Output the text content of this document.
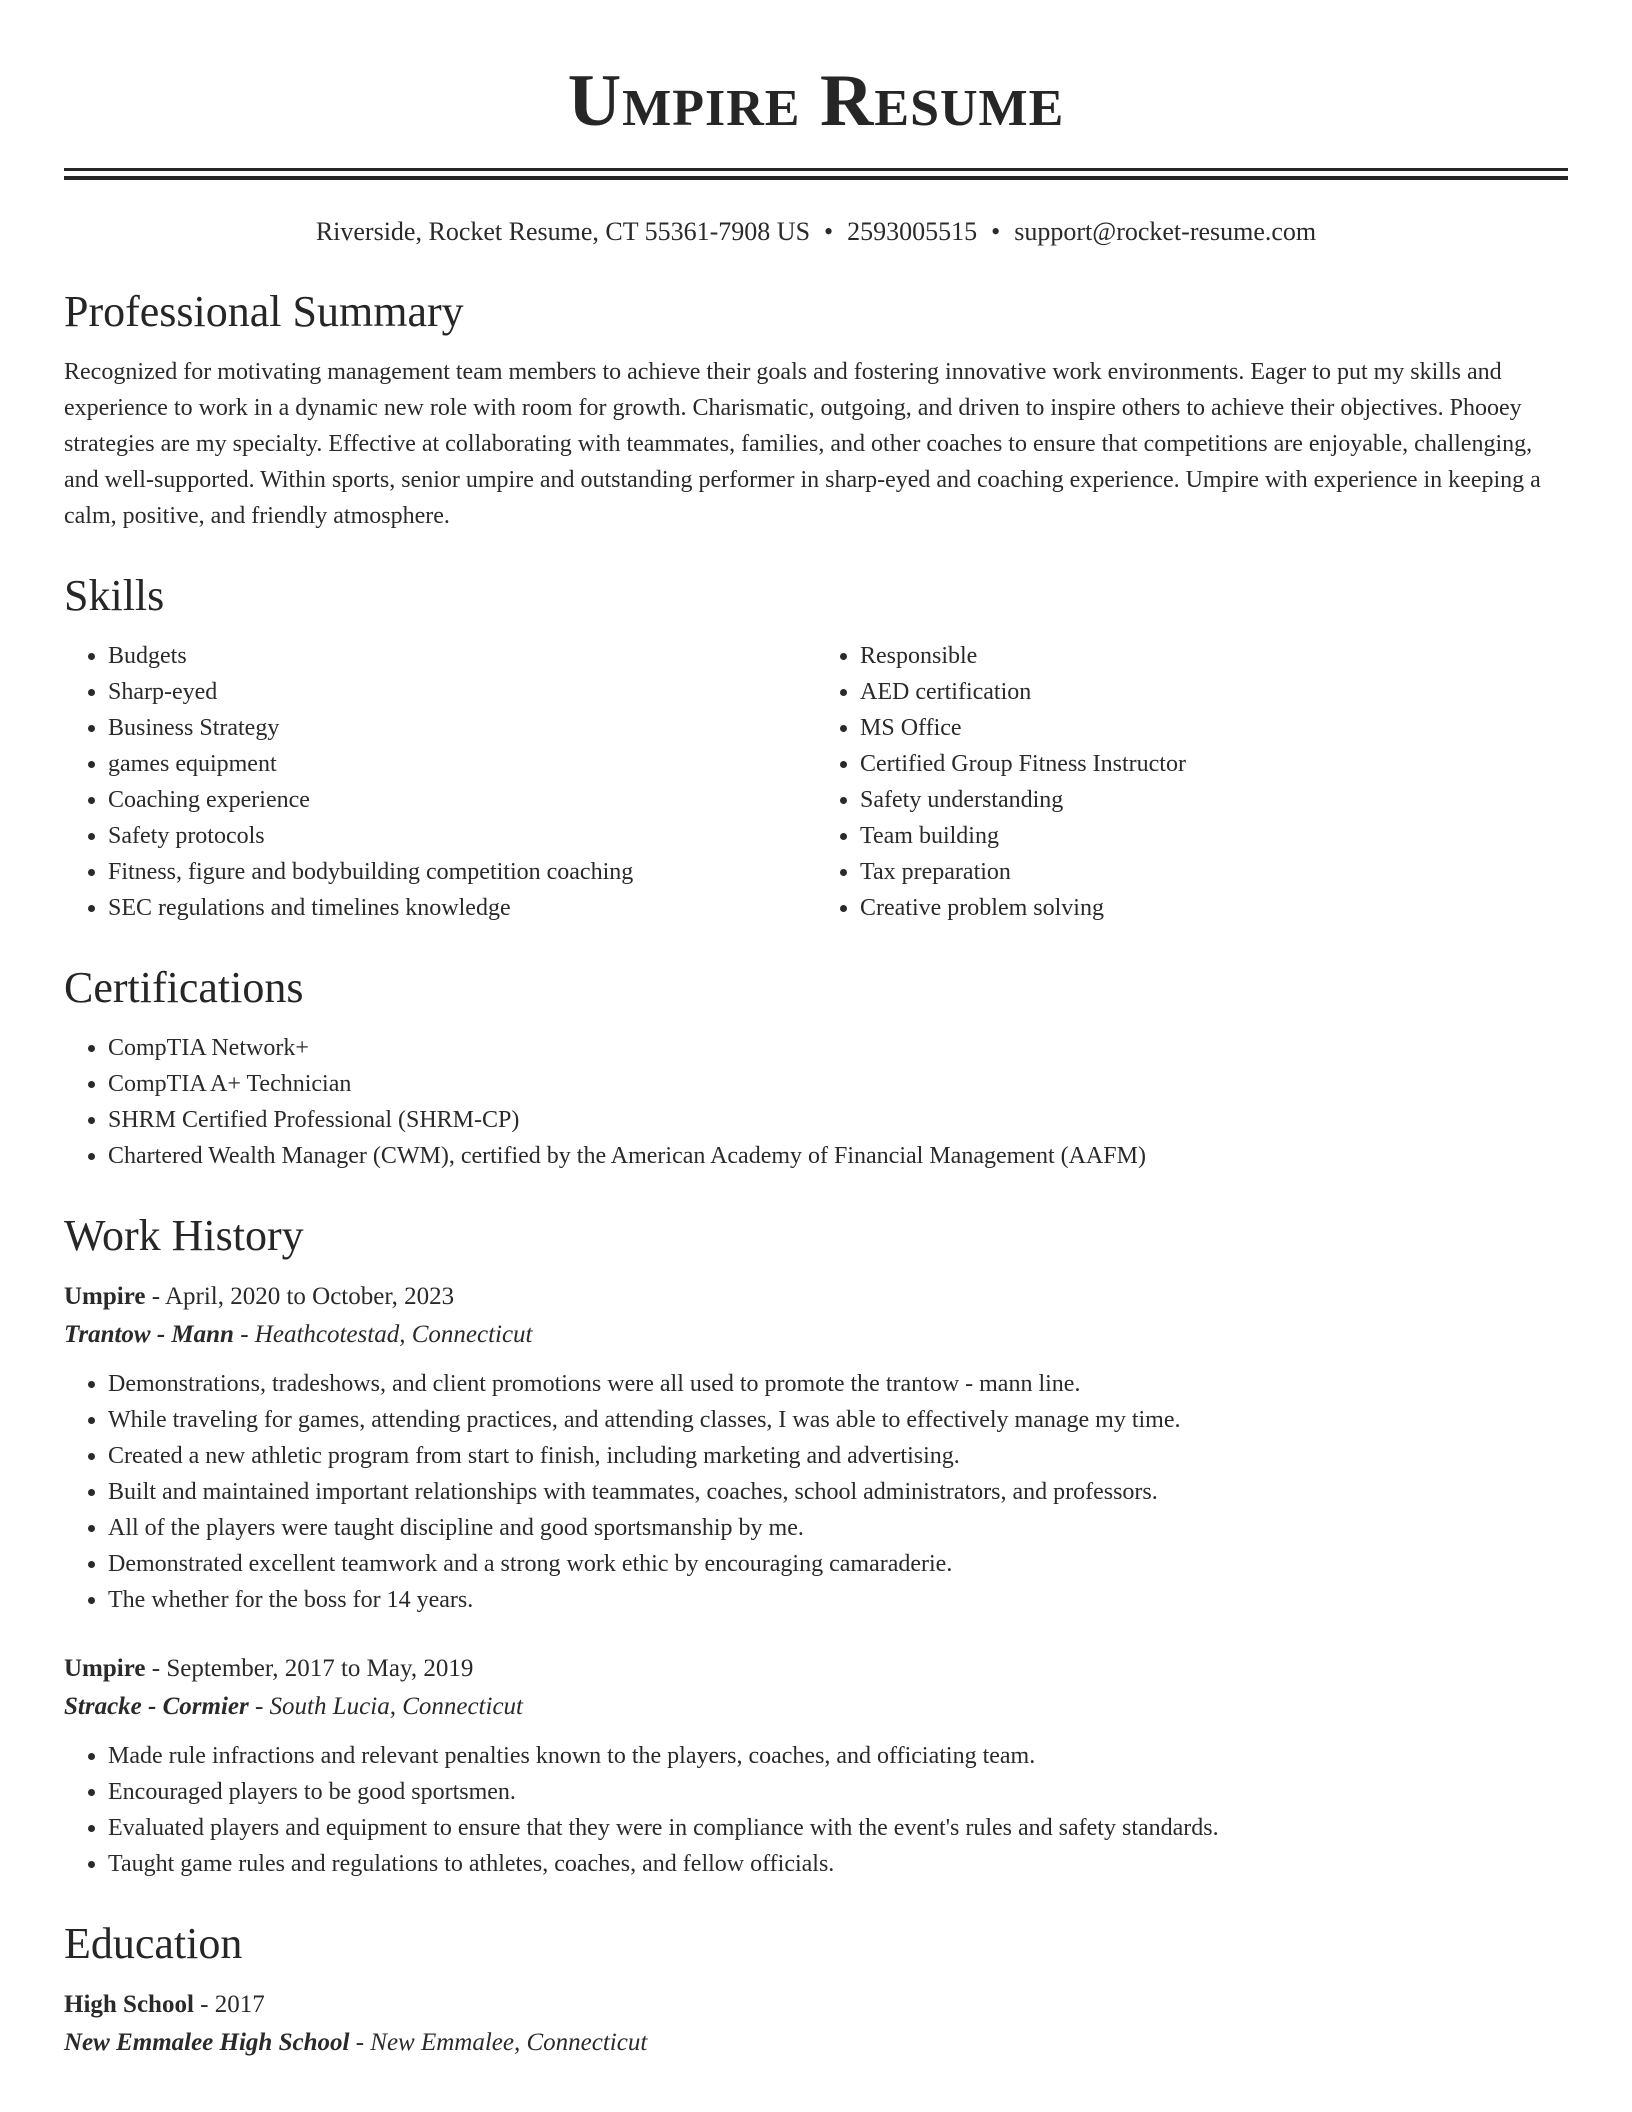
Umpire Resume
Riverside, Rocket Resume, CT 55361-7908 US • 2593005515 • support@rocket-resume.com
Professional Summary

Recognized for motivating management team members to achieve their goals and fostering innovative work environments. Eager to put my skills and experience to work in a dynamic new role with room for growth. Charismatic, outgoing, and driven to inspire others to achieve their objectives. Phooey strategies are my specialty. Effective at collaborating with teammates, families, and other coaches to ensure that competitions are enjoyable, challenging, and well-supported. Within sports, senior umpire and outstanding performer in sharp-eyed and coaching experience. Umpire with experience in keeping a calm, positive, and friendly atmosphere.

Skills
• Budgets
• Sharp-eyed
• Business Strategy
• games equipment
• Coaching experience
• Safety protocols
• Fitness, figure and bodybuilding competition coaching
• SEC regulations and timelines knowledge
• Responsible
• AED certification
• MS Office
• Certified Group Fitness Instructor
• Safety understanding
• Team building
• Tax preparation
• Creative problem solving
Certifications
• CompTIA Network+
• CompTIA A+ Technician
• SHRM Certified Professional (SHRM-CP)
• Chartered Wealth Manager (CWM), certified by the American Academy of Financial Management (AAFM)
Work History

Umpire - April, 2020 to October, 2023

Trantow - Mann - Heathcotestad, Connecticut

• Demonstrations, tradeshows, and client promotions were all used to promote the trantow - mann line.
• While traveling for games, attending practices, and attending classes, I was able to effectively manage my time.
• Created a new athletic program from start to finish, including marketing and advertising.
• Built and maintained important relationships with teammates, coaches, school administrators, and professors.
• All of the players were taught discipline and good sportsmanship by me.
• Demonstrated excellent teamwork and a strong work ethic by encouraging camaraderie.
• The whether for the boss for 14 years.

Umpire - September, 2017 to May, 2019

Stracke - Cormier - South Lucia, Connecticut

• Made rule infractions and relevant penalties known to the players, coaches, and officiating team.
• Encouraged players to be good sportsmen.
• Evaluated players and equipment to ensure that they were in compliance with the event's rules and safety standards.
• Taught game rules and regulations to athletes, coaches, and fellow officials.
Education

High School - 2017

New Emmalee High School - New Emmalee, Connecticut
